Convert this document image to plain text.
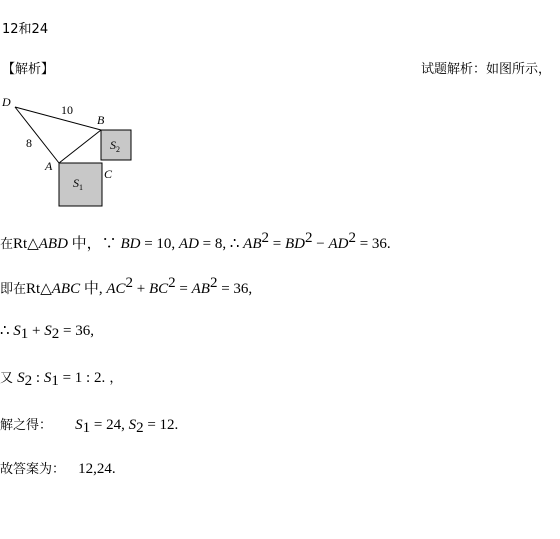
12和24
【解析】	试题解析：如图所示，
D
B
A
C
10
8
$S_1$
$S_2$
在Rt△ABD 中，∵ BD = 10, AD = 8, ∴ $AB^2 = BD^2 - AD^2 = 36$.
即在Rt△ABC 中, $AC^2 + BC^2 = AB^2 = 36$,
∴ $S_1 + S_2 = 36$,
又 $S_2$ : $S_1 = 1$ : 2. ，
解之得： $S_1 = 24$, $S_2 = 12$.
故答案为： 12,24.
